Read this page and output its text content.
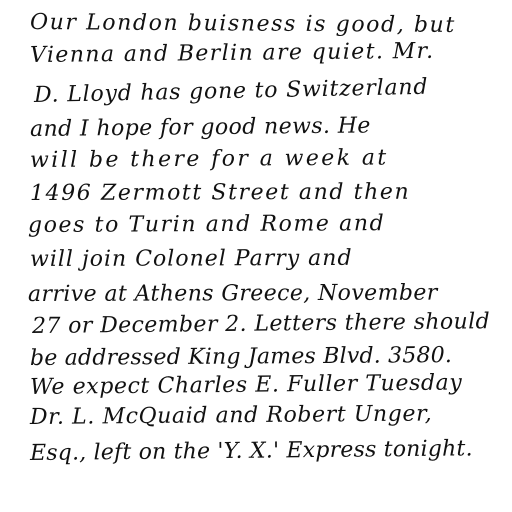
Our London buisness is good, but
Vienna and Berlin are quiet. Mr.
D. Lloyd has gone to Switzerland
and I hope for good news. He
will be there for a week at
1496 Zermott Street and then
goes to Turin and Rome and
will join Colonel Parry and
arrive at Athens Greece, November
27 or December 2. Letters there should
be addressed King James Blvd. 3580.
We expect Charles E. Fuller Tuesday
Dr. L. McQuaid and Robert Unger,
Esq., left on the 'Y. X.' Express tonight.
